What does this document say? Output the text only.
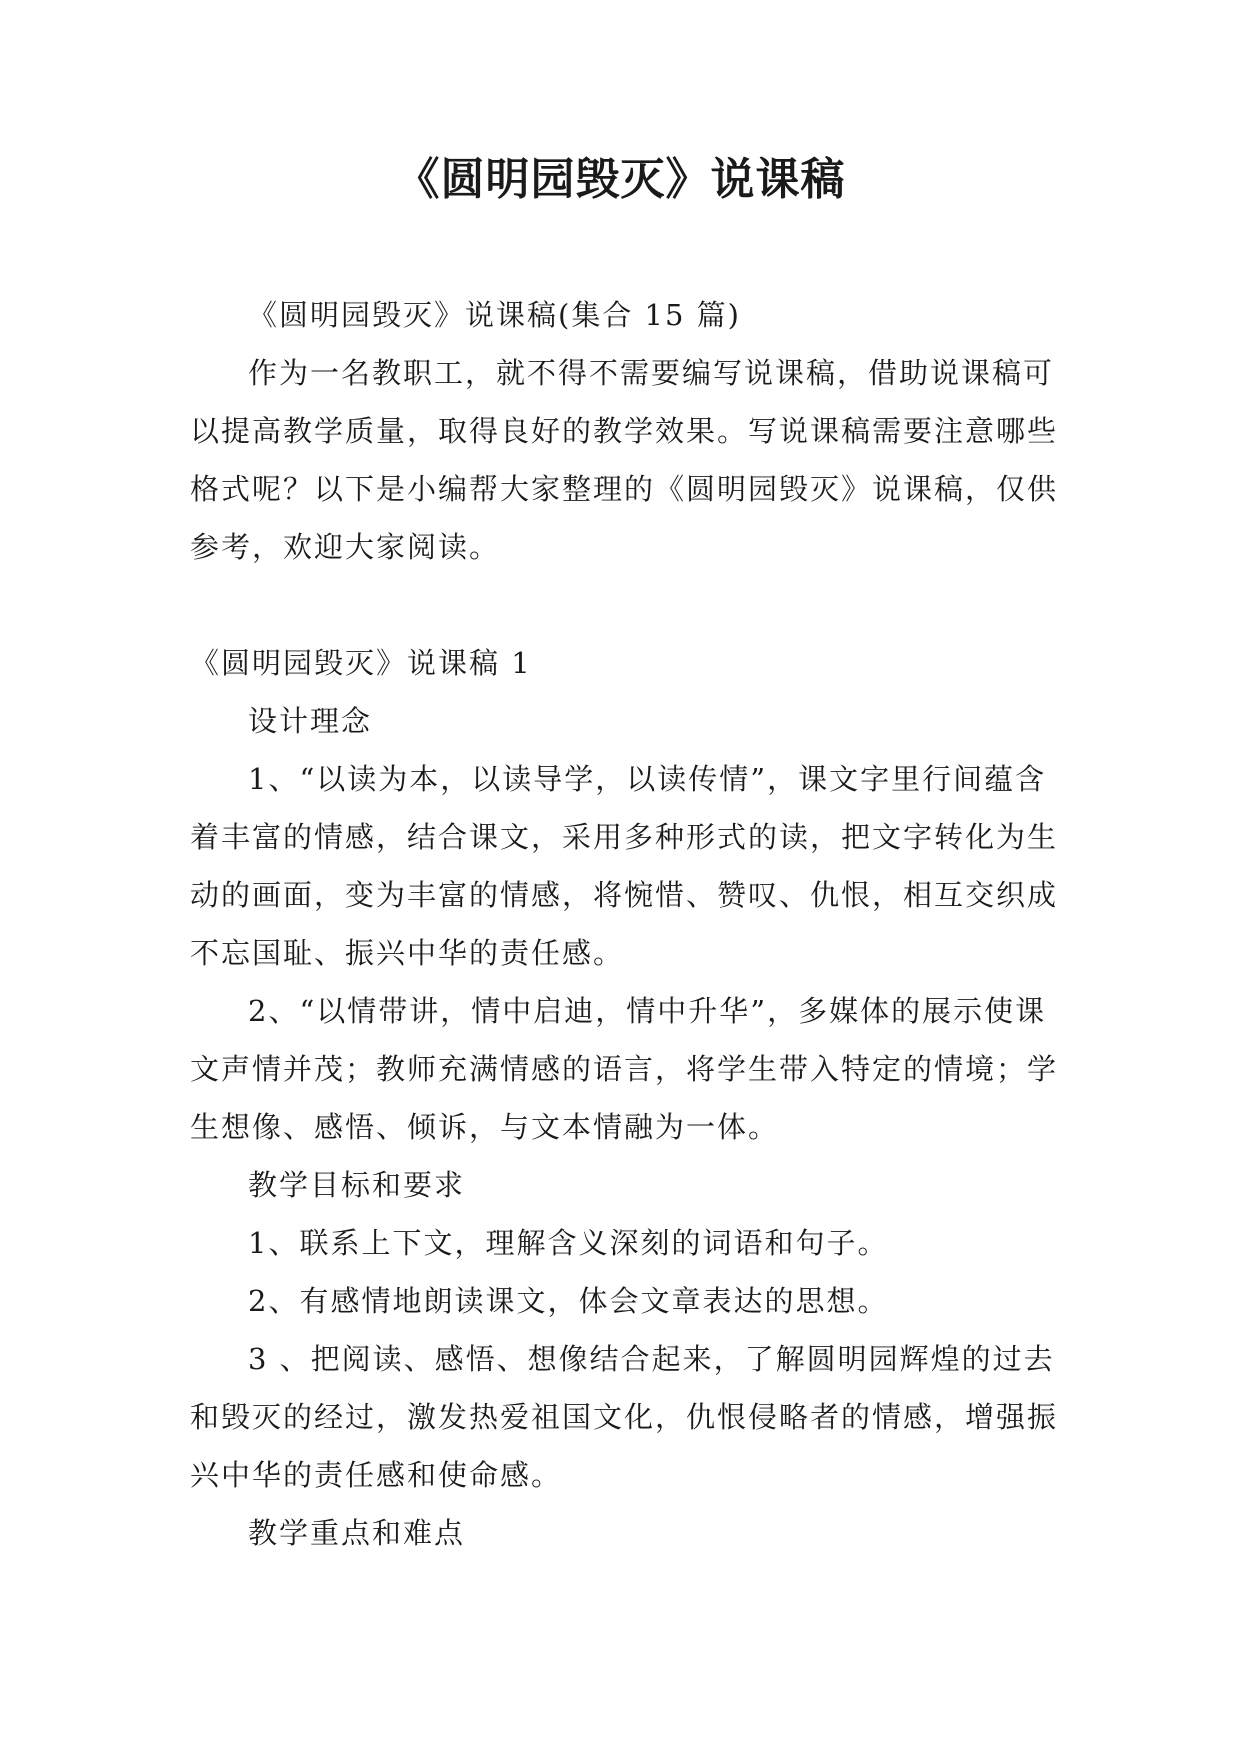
《圆明园毁灭》说课稿

《圆明园毁灭》说课稿(集合 15 篇)

作为一名教职工，就不得不需要编写说课稿，借助说课稿可以提高教学质量，取得良好的教学效果。写说课稿需要注意哪些格式呢？以下是小编帮大家整理的《圆明园毁灭》说课稿，仅供参考，欢迎大家阅读。

《圆明园毁灭》说课稿 1

设计理念

1、“以读为本，以读导学，以读传情”，课文字里行间蕴含着丰富的情感，结合课文，采用多种形式的读，把文字转化为生动的画面，变为丰富的情感，将惋惜、赞叹、仇恨，相互交织成不忘国耻、振兴中华的责任感。

2、“以情带讲，情中启迪，情中升华”，多媒体的展示使课文声情并茂；教师充满情感的语言，将学生带入特定的情境；学生想像、感悟、倾诉，与文本情融为一体。

教学目标和要求

1、联系上下文，理解含义深刻的词语和句子。

2、有感情地朗读课文，体会文章表达的思想。

3 、把阅读、感悟、想像结合起来，了解圆明园辉煌的过去和毁灭的经过，激发热爱祖国文化，仇恨侵略者的情感，增强振兴中华的责任感和使命感。

教学重点和难点
